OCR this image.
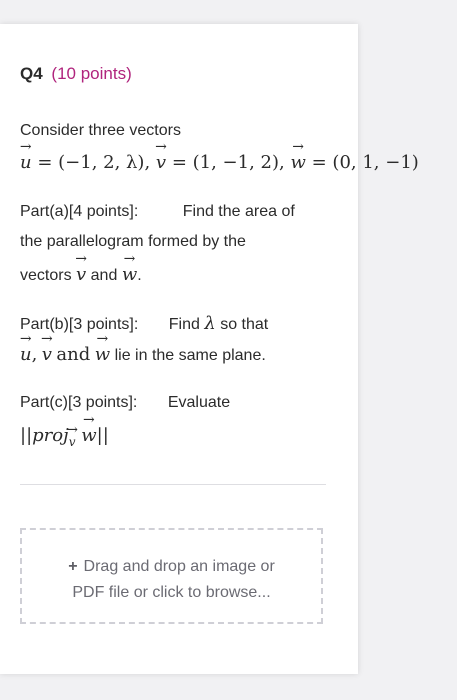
Q4 (10 points)
Consider three vectors
→ u = (−1, 2, λ), → v = (1, −1, 2), → w = (0, 1, −1)
Part(a)[4 points]:	Find the area of
the parallelogram formed by the
vectors → v and → w.
Part(b)[3 points]: Find λ so that
→ u, → v and → w lie in the same plane.
Part(c)[3 points]: Evaluate
||proj→ $_v$ → w||
+ Drag and drop an image or
PDF file or click to browse...
